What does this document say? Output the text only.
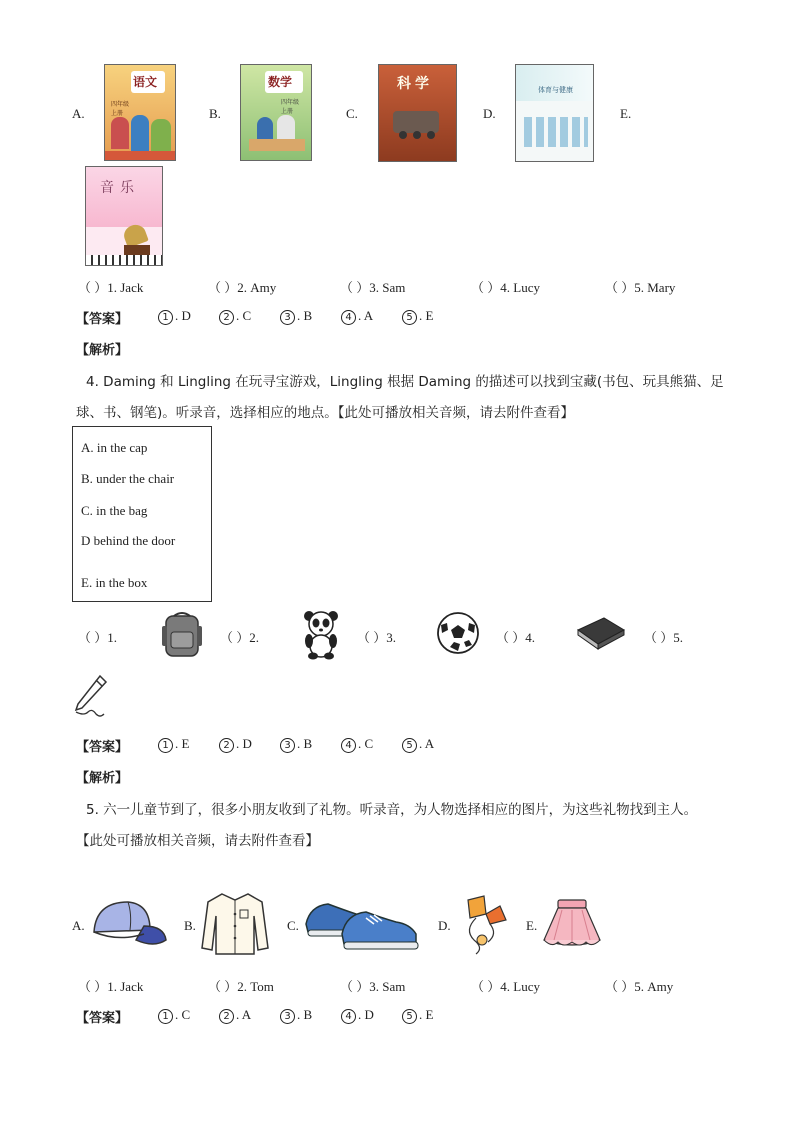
A.
语文
四年级 上册	B.
数学
四年级 上册	C.
科学
D.
体育与健康
E.
音乐
（ ）1. Jack	（ ）2. Amy	（ ）3. Sam	（ ）4. Lucy	（ ）5. Mary
【答案】	1 . D	2 . C	3 . B	4 . A	5 . E
【解析】
4. Daming 和 Lingling 在玩寻宝游戏，Lingling 根据 Daming 的描述可以找到宝藏(书包、玩具熊猫、足
球、书、钢笔)。听录音，选择相应的地点。【此处可播放相关音频，请去附件查看】
A. in the cap
B. under the chair
C. in the bag
D behind the door
E. in the box
（ ）1.	（ ）2.	（ ）3.	（ ）4.	（ ）5.
【答案】	1 . E	2 . D	3 . B	4 . C	5 . A
【解析】
5. 六一儿童节到了，很多小朋友收到了礼物。听录音，为人物选择相应的图片，为这些礼物找到主人。
【此处可播放相关音频，请去附件查看】
A.	B.	C.	D.	E.
（ ）1. Jack	（ ）2. Tom	（ ）3. Sam	（ ）4. Lucy	（ ）5. Amy
【答案】	1 . C	2 . A	3 . B	4 . D	5 . E
